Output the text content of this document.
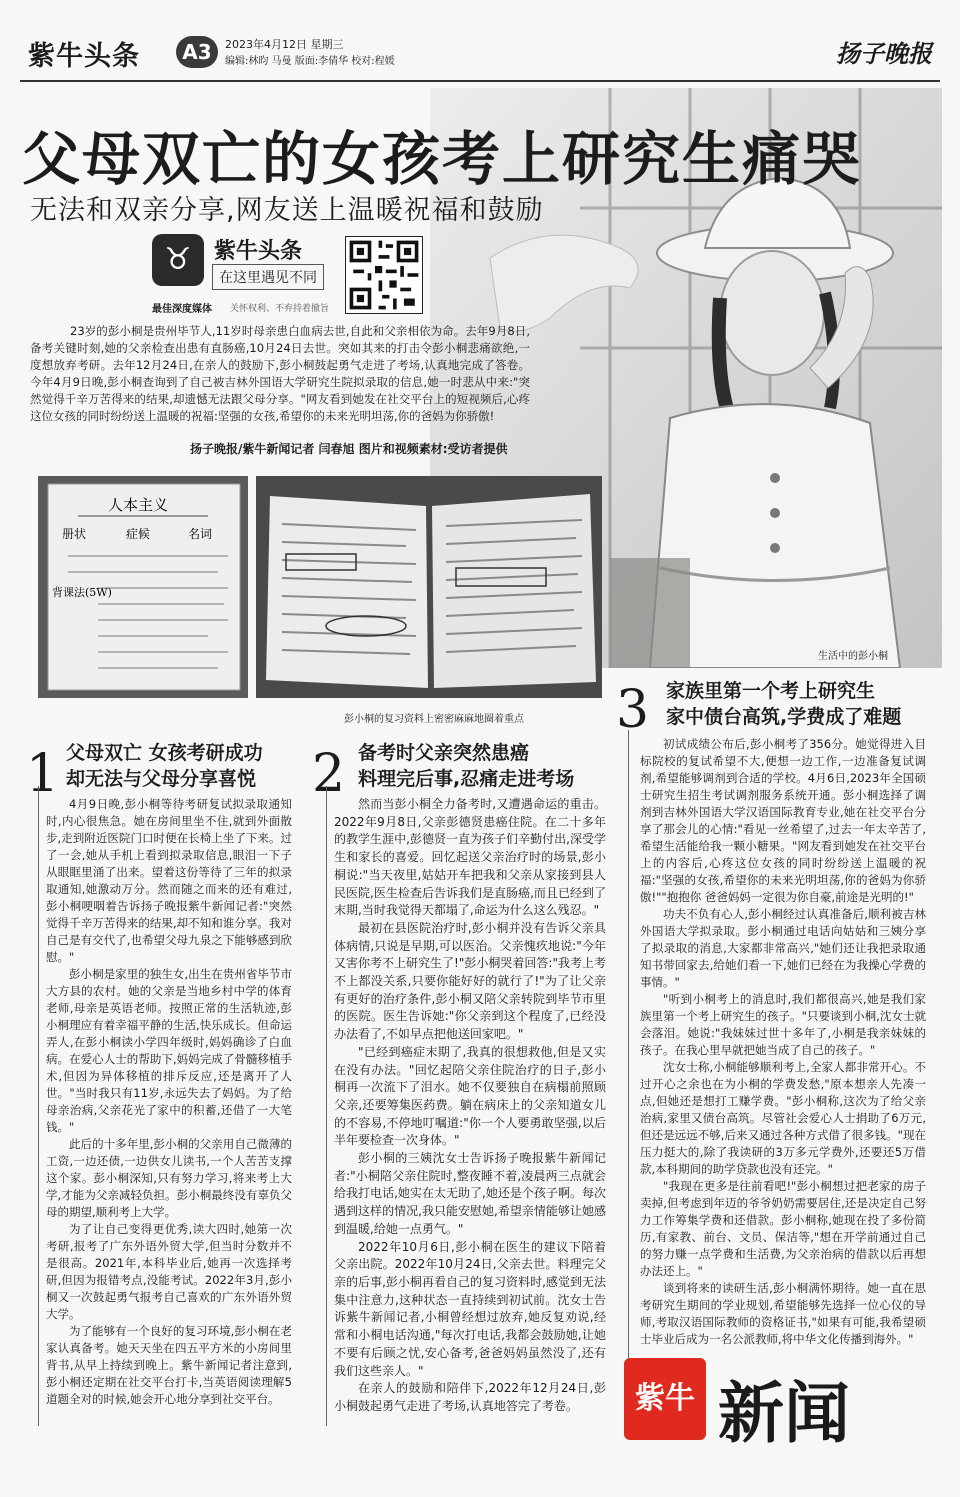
紫牛头条	A3	2023年4月12日 星期三
编辑:林昀 马曼 版面:李倩华 校对:程媛	扬子晚报
生活中的彭小桐
父母双亡的女孩考上研究生痛哭
无法和双亲分享,网友送上温暖祝福和鼓励
♉	紫牛头条
在这里遇见不同
最佳深度媒体 关怀权利、不弃持着撤旨
23岁的彭小桐是贵州毕节人,11岁时母亲患白血病去世,自此和父亲相依为命。去年9月8日,备考关键时刻,她的父亲检查出患有直肠癌,10月24日去世。突如其来的打击令彭小桐悲痛欲绝,一度想放弃考研。去年12月24日,在亲人的鼓励下,彭小桐鼓起勇气走进了考场,认真地完成了答卷。今年4月9日晚,彭小桐查询到了自己被吉林外国语大学研究生院拟录取的信息,她一时悲从中来:"突然觉得千辛万苦得来的结果,却遗憾无法跟父母分享。"网友看到她发在社交平台上的短视频后,心疼这位女孩的同时纷纷送上温暖的祝福:坚强的女孩,希望你的未来光明坦荡,你的爸妈为你骄傲!
扬子晚报/紫牛新闻记者 闫春旭 图片和视频素材:受访者提供
人本主义
册状	症候	名词
背课法(5W)
彭小桐的复习资料上密密麻麻地圈着重点
1 父母双亡 女孩考研成功
却无法与父母分享喜悦

4月9日晚,彭小桐等待考研复试拟录取通知时,内心很焦急。她在房间里坐不住,就到外面散步,走到附近医院门口时便在长椅上坐了下来。过了一会,她从手机上看到拟录取信息,眼泪一下子从眼眶里涌了出来。望着这份等待了三年的拟录取通知,她激动万分。然而随之而来的还有难过,彭小桐哽咽着告诉扬子晚报紫牛新闻记者:"突然觉得千辛万苦得来的结果,却不知和谁分享。我对自己是有交代了,也希望父母九泉之下能够感到欣慰。"

彭小桐是家里的独生女,出生在贵州省毕节市大方县的农村。她的父亲是当地乡村中学的体育老师,母亲是英语老师。按照正常的生活轨迹,彭小桐理应有着幸福平静的生活,快乐成长。但命运弄人,在彭小桐读小学四年级时,妈妈确诊了白血病。在爱心人士的帮助下,妈妈完成了骨髓移植手术,但因为异体移植的排斥反应,还是离开了人世。"当时我只有11岁,永远失去了妈妈。为了给母亲治病,父亲花光了家中的积蓄,还借了一大笔钱。"

此后的十多年里,彭小桐的父亲用自己微薄的工资,一边还债,一边供女儿读书,一个人苦苦支撑这个家。彭小桐深知,只有努力学习,将来考上大学,才能为父亲减轻负担。彭小桐最终没有辜负父母的期望,顺利考上大学。

为了让自己变得更优秀,读大四时,她第一次考研,报考了广东外语外贸大学,但当时分数并不是很高。2021年,本科毕业后,她再一次选择考研,但因为报错考点,没能考试。2022年3月,彭小桐又一次鼓起勇气报考自己喜欢的广东外语外贸大学。

为了能够有一个良好的复习环境,彭小桐在老家认真备考。她天天坐在四五平方米的小房间里背书,从早上持续到晚上。紫牛新闻记者注意到,彭小桐还定期在社交平台打卡,当英语阅读理解5道题全对的时候,她会开心地分享到社交平台。

2 备考时父亲突然患癌
料理完后事,忍痛走进考场

然而当彭小桐全力备考时,又遭遇命运的重击。2022年9月8日,父亲彭德贤患癌住院。在二十多年的教学生涯中,彭德贤一直为孩子们辛勤付出,深受学生和家长的喜爱。回忆起送父亲治疗时的场景,彭小桐说:"当天夜里,姑姑开车把我和父亲从家接到县人民医院,医生检查后告诉我们是直肠癌,而且已经到了末期,当时我觉得天都塌了,命运为什么这么残忍。"

最初在县医院治疗时,彭小桐并没有告诉父亲具体病情,只说是早期,可以医治。父亲愧疚地说:"今年又害你考不上研究生了!"彭小桐哭着回答:"我考上考不上都没关系,只要你能好好的就行了!"为了让父亲有更好的治疗条件,彭小桐又陪父亲转院到毕节市里的医院。医生告诉她:"你父亲到这个程度了,已经没办法看了,不如早点把他送回家吧。"

"已经到癌症末期了,我真的很想救他,但是又实在没有办法。"回忆起陪父亲住院治疗的日子,彭小桐再一次流下了泪水。她不仅要独自在病榻前照顾父亲,还要筹集医药费。躺在病床上的父亲知道女儿的不容易,不停地叮嘱道:"你一个人要勇敢坚强,以后半年要检查一次身体。"

彭小桐的三姨沈女士告诉扬子晚报紫牛新闻记者:"小桐陪父亲住院时,整夜睡不着,凌晨两三点就会给我打电话,她实在太无助了,她还是个孩子啊。每次遇到这样的情况,我只能安慰她,希望亲情能够让她感到温暖,给她一点勇气。"

2022年10月6日,彭小桐在医生的建议下陪着父亲出院。2022年10月24日,父亲去世。料理完父亲的后事,彭小桐再看自己的复习资料时,感觉到无法集中注意力,这种状态一直持续到初试前。沈女士告诉紫牛新闻记者,小桐曾经想过放弃,她反复劝说,经常和小桐电话沟通,"每次打电话,我都会鼓励她,让她不要有后顾之忧,安心备考,爸爸妈妈虽然没了,还有我们这些亲人。"

在亲人的鼓励和陪伴下,2022年12月24日,彭小桐鼓起勇气走进了考场,认真地答完了考卷。

3 家族里第一个考上研究生
家中债台高筑,学费成了难题

初试成绩公布后,彭小桐考了356分。她觉得进入目标院校的复试希望不大,便想一边工作,一边准备复试调剂,希望能够调剂到合适的学校。4月6日,2023年全国硕士研究生招生考试调剂服务系统开通。彭小桐选择了调剂到吉林外国语大学汉语国际教育专业,她在社交平台分享了那会儿的心情:"看见一丝希望了,过去一年太辛苦了,希望生活能给我一颗小糖果。"网友看到她发在社交平台上的内容后,心疼这位女孩的同时纷纷送上温暖的祝福:"坚强的女孩,希望你的未来光明坦荡,你的爸妈为你骄傲!""抱抱你 爸爸妈妈一定很为你自豪,前途是光明的!"

功夫不负有心人,彭小桐经过认真准备后,顺利被吉林外国语大学拟录取。彭小桐通过电话向姑姑和三姨分享了拟录取的消息,大家都非常高兴,"她们还让我把录取通知书带回家去,给她们看一下,她们已经在为我操心学费的事情。"

"听到小桐考上的消息时,我们都很高兴,她是我们家族里第一个考上研究生的孩子。"只要谈到小桐,沈女士就会落泪。她说:"我妹妹过世十多年了,小桐是我亲妹妹的孩子。在我心里早就把她当成了自己的孩子。"

沈女士称,小桐能够顺利考上,全家人都非常开心。不过开心之余也在为小桐的学费发愁,"原本想亲人先凑一点,但她还是想打工赚学费。"彭小桐称,这次为了给父亲治病,家里又债台高筑。尽管社会爱心人士捐助了6万元,但还是远远不够,后来又通过各种方式借了很多钱。"现在压力挺大的,除了我读研的3万多元学费外,还要还5万借款,本科期间的助学贷款也没有还完。"

"我现在更多是往前看吧!"彭小桐想过把老家的房子卖掉,但考虑到年迈的爷爷奶奶需要居住,还是决定自己努力工作筹集学费和还借款。彭小桐称,她现在投了多份简历,有家教、前台、文员、保洁等,"想在开学前通过自己的努力赚一点学费和生活费,为父亲治病的借款以后再想办法还上。"

谈到将来的读研生活,彭小桐满怀期待。她一直在思考研究生期间的学业规划,希望能够先选择一位心仪的导师,考取汉语国际教师的资格证书,"如果有可能,我希望硕士毕业后成为一名公派教师,将中华文化传播到海外。"

紫牛 新闻
